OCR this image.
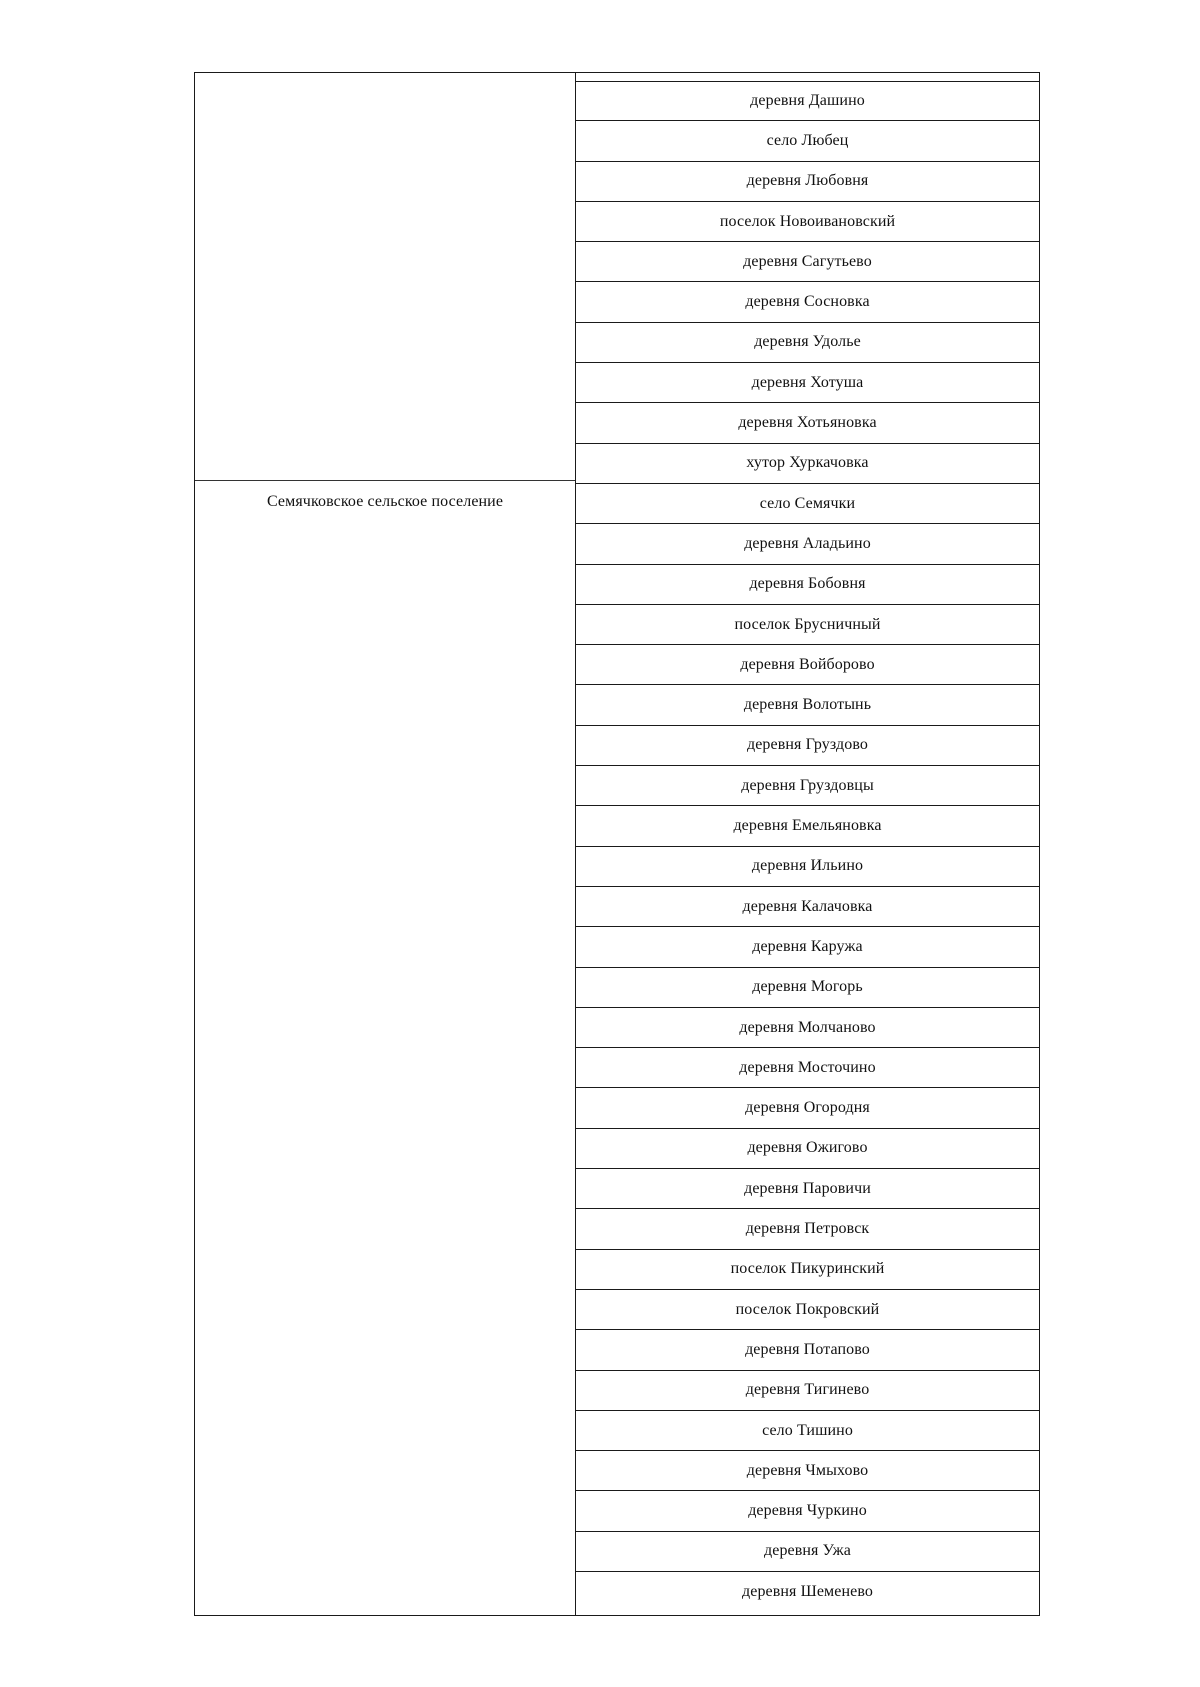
Семячковское сельское поселение
деревня Дашино
село Любец
деревня Любовня
поселок Новоивановский
деревня Сагутьево
деревня Сосновка
деревня Удолье
деревня Хотуша
деревня Хотьяновка
хутор Хуркачовка
село Семячки
деревня Аладьино
деревня Бобовня
поселок Брусничный
деревня Войборово
деревня Волотынь
деревня Груздово
деревня Груздовцы
деревня Емельяновка
деревня Ильино
деревня Калачовка
деревня Каружа
деревня Могорь
деревня Молчаново
деревня Мосточино
деревня Огородня
деревня Ожигово
деревня Паровичи
деревня Петровск
поселок Пикуринский
поселок Покровский
деревня Потапово
деревня Тигинево
село Тишино
деревня Чмыхово
деревня Чуркино
деревня Ужа
деревня Шеменево
